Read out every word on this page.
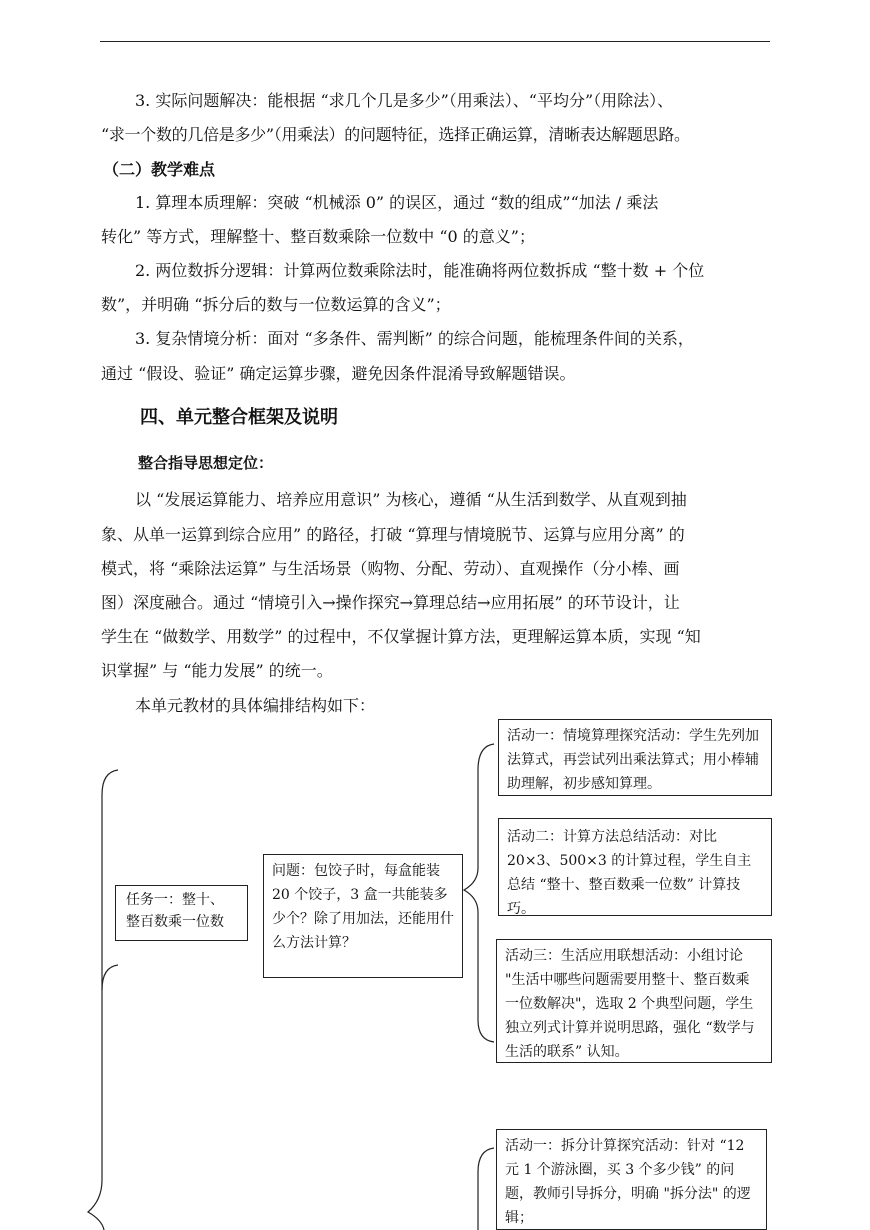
3. 实际问题解决：能根据 “求几个几是多少”（用乘法）、“平均分”（用除法）、
“求一个数的几倍是多少”（用乘法）的问题特征，选择正确运算，清晰表达解题思路。
（二）教学难点
1. 算理本质理解：突破 “机械添 0” 的误区，通过 “数的组成”“加法 / 乘法
转化” 等方式，理解整十、整百数乘除一位数中 “0 的意义”；
2. 两位数拆分逻辑：计算两位数乘除法时，能准确将两位数拆成 “整十数 + 个位
数”，并明确 “拆分后的数与一位数运算的含义”；
3. 复杂情境分析：面对 “多条件、需判断” 的综合问题，能梳理条件间的关系，
通过 “假设、验证” 确定运算步骤，避免因条件混淆导致解题错误。
四、单元整合框架及说明
整合指导思想定位：
以 “发展运算能力、培养应用意识” 为核心，遵循 “从生活到数学、从直观到抽
象、从单一运算到综合应用” 的路径，打破 “算理与情境脱节、运算与应用分离” 的
模式，将 “乘除法运算” 与生活场景（购物、分配、劳动）、直观操作（分小棒、画
图）深度融合。通过 “情境引入→操作探究→算理总结→应用拓展” 的环节设计，让
学生在 “做数学、用数学” 的过程中，不仅掌握计算方法，更理解运算本质，实现 “知
识掌握” 与 “能力发展” 的统一。
本单元教材的具体编排结构如下：
任务一：整十、整百数乘一位数
问题：包饺子时，每盒能装 20 个饺子，3 盒一共能装多少个？除了用加法，还能用什么方法计算？
活动一：情境算理探究活动：学生先列加法算式，再尝试列出乘法算式；用小棒辅助理解，初步感知算理。
活动二：计算方法总结活动：对比 20×3、500×3 的计算过程，学生自主总结 “整十、整百数乘一位数” 计算技巧。
活动三：生活应用联想活动：小组讨论 "生活中哪些问题需要用整十、整百数乘一位数解决"，选取 2 个典型问题，学生独立列式计算并说明思路，强化 “数学与生活的联系” 认知。
活动一：拆分计算探究活动：针对 “12 元 1 个游泳圈，买 3 个多少钱” 的问题，教师引导拆分，明确 "拆分法" 的逻辑；
